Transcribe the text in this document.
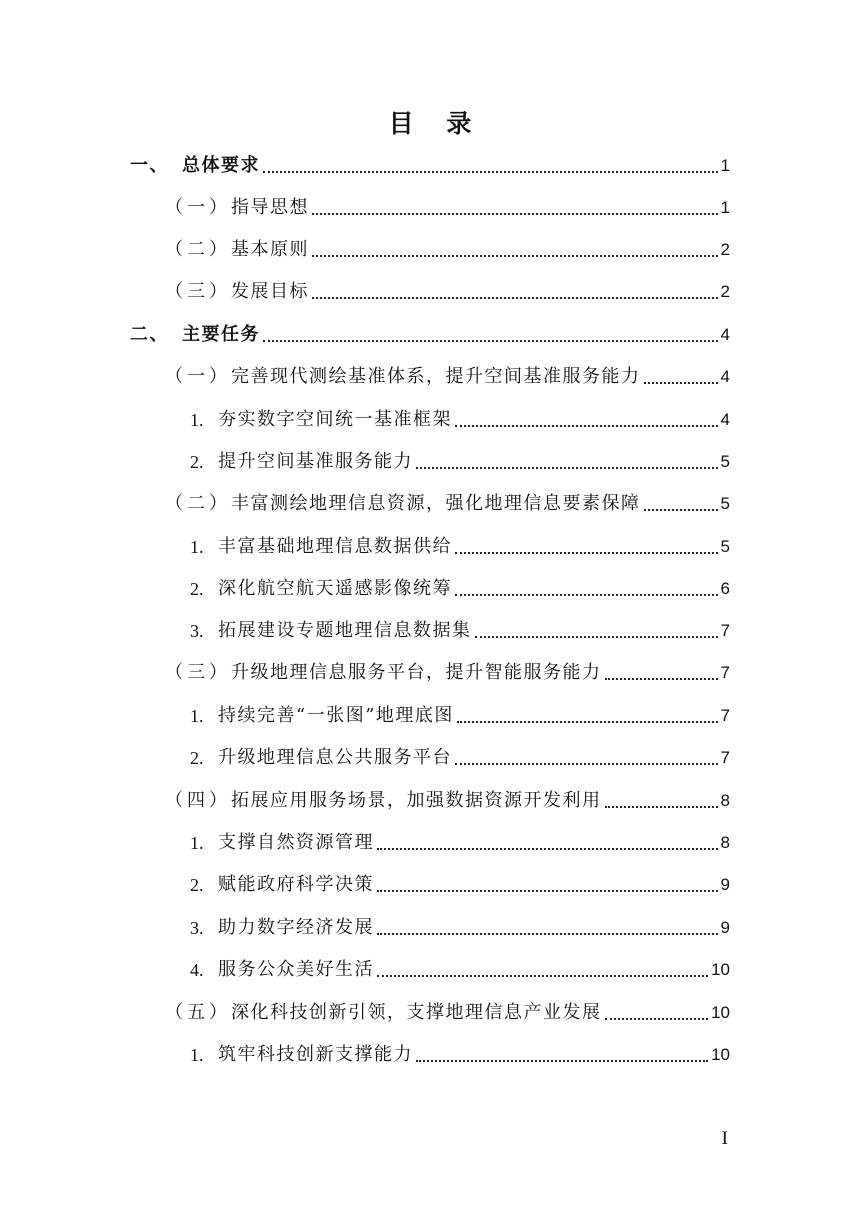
目 录
一、 总体要求	1
（一） 指导思想	1
（二） 基本原则	2
（三） 发展目标	2
二、 主要任务	4
（一） 完善现代测绘基准体系，提升空间基准服务能力	4
1. 夯实数字空间统一基准框架	4
2. 提升空间基准服务能力	5
（二） 丰富测绘地理信息资源，强化地理信息要素保障	5
1. 丰富基础地理信息数据供给	5
2. 深化航空航天遥感影像统筹	6
3. 拓展建设专题地理信息数据集	7
（三） 升级地理信息服务平台，提升智能服务能力	7
1. 持续完善“一张图”地理底图	7
2. 升级地理信息公共服务平台	7
（四） 拓展应用服务场景，加强数据资源开发利用	8
1. 支撑自然资源管理	8
2. 赋能政府科学决策	9
3. 助力数字经济发展	9
4. 服务公众美好生活	10
（五） 深化科技创新引领，支撑地理信息产业发展	10
1. 筑牢科技创新支撑能力	10
I
